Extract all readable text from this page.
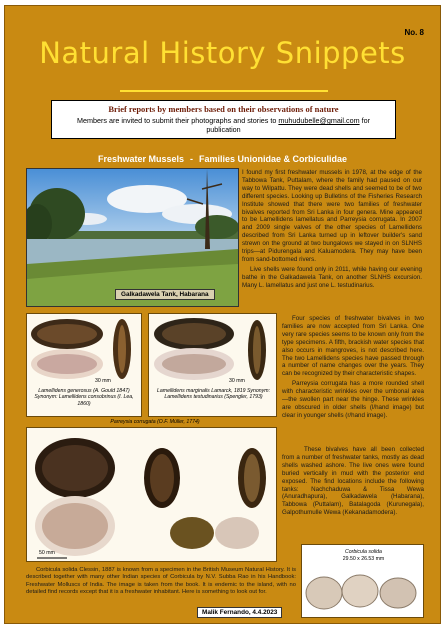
No. 8
Natural History Snippets
Brief reports by members based on their observations of nature
Members are invited to submit their photographs and stories to muhudubelle@gmail.com for publication
Freshwater Mussels - Families Unionidae & Corbiculidae
Galkadawela Tank, Habarana

I found my first freshwater mussels in 1978, at the edge of the Tabbowa Tank, Puttalam, where the family had paused on our way to Wilpattu. They were dead shells and seemed to be of two different species. Looking up Bulletins of the Fisheries Research Institute showed that there were two families of freshwater bivalves reported from Sri Lanka in four genera. Mine appeared to be Lamellidens lamellatus and Parreysia corrugata. In 2007 and 2009 single valves of the other species of Lamellidens described from Sri Lanka turned up in leftover builder's sand strewn on the ground at two bungalows we stayed in on SLNHS trips—at Pidurengala and Kaluamodera. They may have been from sand-bottomed rivers.

Live shells were found only in 2011, while having our evening bathe in the Galkadawela Tank, on another SLNHS excursion. Many L. lamellatus and just one L. testudinarius.

30 mm
Lamellidens generosus (A. Gould 1847) Synonym: Lamellidens consobrinus (I. Lea, 1860)
30 mm
Lamellidens marginalis Lamarck, 1819 Synonym: Lamellidens testudinarius (Spengler, 1793)

Four species of freshwater bivalves in two families are now accepted from Sri Lanka. One very rare species seems to be known only from the type specimens. A fifth, brackish water species that also occurs in mangroves, is not described here. The two Lamellidens species have passed through a number of name changes over the years. They can be recognized by their characteristic shapes.

Parreysia corrugata has a more rounded shell with characteristic wrinkles over the umbonal area—the swollen part near the hinge. These wrinkles are obscured in older shells (l/hand image) but clear in younger shells (r/hand image).

Parreysia corrugata (O.F. Müller, 1774)
50 mm

These bivalves have all been collected from a number of freshwater tanks, mostly as dead shells washed ashore. The live ones were found buried vertically in mud with the posterior end exposed. The find locations include the following tanks: Nachchaduwa & Tissa Wewa (Anuradhapura), Galkadawela (Habarana), Tabbowa (Puttalam), Batalagoda (Kurunegala), Galpothumulle Wewa (Kekanadamodera).

Corbicula solida
29.50 x 26.53 mm

Corbicula solida Clessin, 1887 is known from a specimen in the British Museum Natural History. It is described together with many other Indian species of Corbicula by N.V. Subba Rao in his Handbook: Freshwater Molluscs of India. The image is taken from the book. It is endemic to the island, with no detailed find records except that it is a freshwater inhabitant. Here is something to look out for.

Malik Fernando, 4.4.2023
